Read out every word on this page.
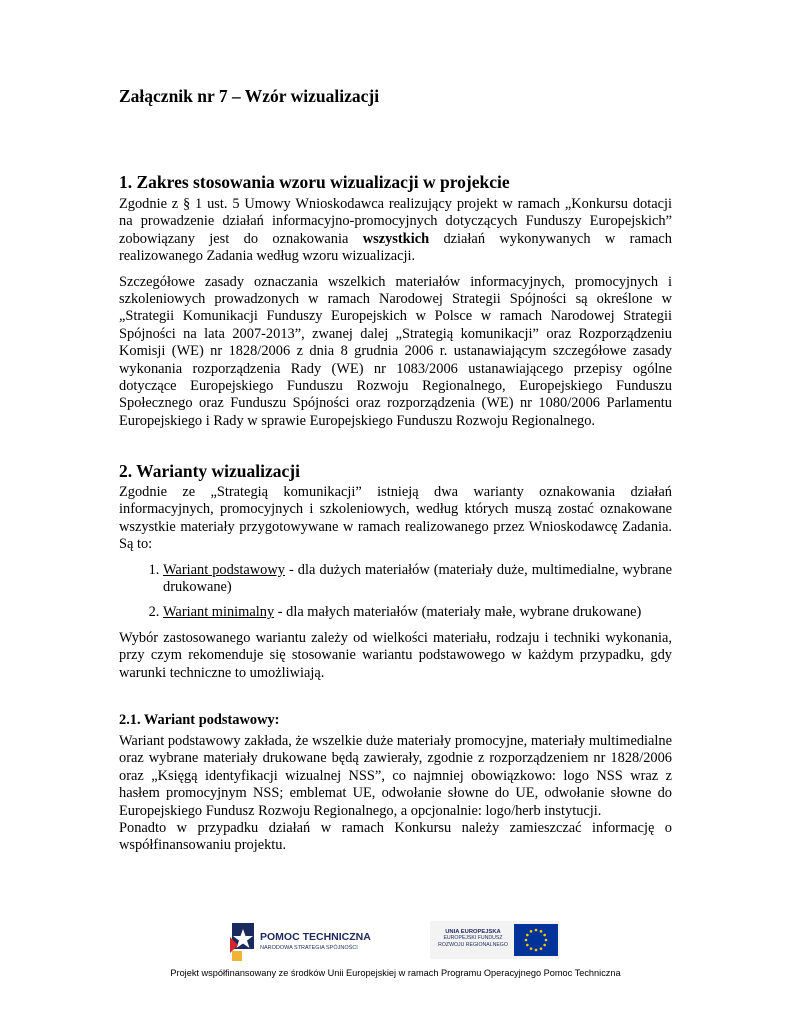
Załącznik nr 7 – Wzór wizualizacji
1. Zakres stosowania wzoru wizualizacji w projekcie

Zgodnie z § 1 ust. 5 Umowy Wnioskodawca realizujący projekt w ramach „Konkursu dotacji na prowadzenie działań informacyjno-promocyjnych dotyczących Funduszy Europejskich” zobowiązany jest do oznakowania wszystkich działań wykonywanych w ramach realizowanego Zadania według wzoru wizualizacji.

Szczegółowe zasady oznaczania wszelkich materiałów informacyjnych, promocyjnych i szkoleniowych prowadzonych w ramach Narodowej Strategii Spójności są określone w „Strategii Komunikacji Funduszy Europejskich w Polsce w ramach Narodowej Strategii Spójności na lata 2007-2013”, zwanej dalej „Strategią komunikacji” oraz Rozporządzeniu Komisji (WE) nr 1828/2006 z dnia 8 grudnia 2006 r. ustanawiającym szczegółowe zasady wykonania rozporządzenia Rady (WE) nr 1083/2006 ustanawiającego przepisy ogólne dotyczące Europejskiego Funduszu Rozwoju Regionalnego, Europejskiego Funduszu Społecznego oraz Funduszu Spójności oraz rozporządzenia (WE) nr 1080/2006 Parlamentu Europejskiego i Rady w sprawie Europejskiego Funduszu Rozwoju Regionalnego.

2. Warianty wizualizacji

Zgodnie ze „Strategią komunikacji” istnieją dwa warianty oznakowania działań informacyjnych, promocyjnych i szkoleniowych, według których muszą zostać oznakowane wszystkie materiały przygotowywane w ramach realizowanego przez Wnioskodawcę Zadania. Są to:

1. Wariant podstawowy - dla dużych materiałów (materiały duże, multimedialne, wybrane drukowane)
2. Wariant minimalny - dla małych materiałów (materiały małe, wybrane drukowane)

Wybór zastosowanego wariantu zależy od wielkości materiału, rodzaju i techniki wykonania, przy czym rekomenduje się stosowanie wariantu podstawowego w każdym przypadku, gdy warunki techniczne to umożliwiają.

2.1. Wariant podstawowy:

Wariant podstawowy zakłada, że wszelkie duże materiały promocyjne, materiały multimedialne oraz wybrane materiały drukowane będą zawierały, zgodnie z rozporządzeniem nr 1828/2006 oraz „Księgą identyfikacji wizualnej NSS”, co najmniej obowiązkowo: logo NSS wraz z hasłem promocyjnym NSS; emblemat UE, odwołanie słowne do UE, odwołanie słowne do Europejskiego Fundusz Rozwoju Regionalnego, a opcjonalnie: logo/herb instytucji.

Ponadto w przypadku działań w ramach Konkursu należy zamieszczać informację o współfinansowaniu projektu.

POMOC TECHNICZNA
NARODOWA STRATEGIA SPÓJNOŚCI
UNIA EUROPEJSKA
EUROPEJSKI FUNDUSZ
ROZWOJU REGIONALNEGO
Projekt współfinansowany ze środków Unii Europejskiej w ramach Programu Operacyjnego Pomoc Techniczna
